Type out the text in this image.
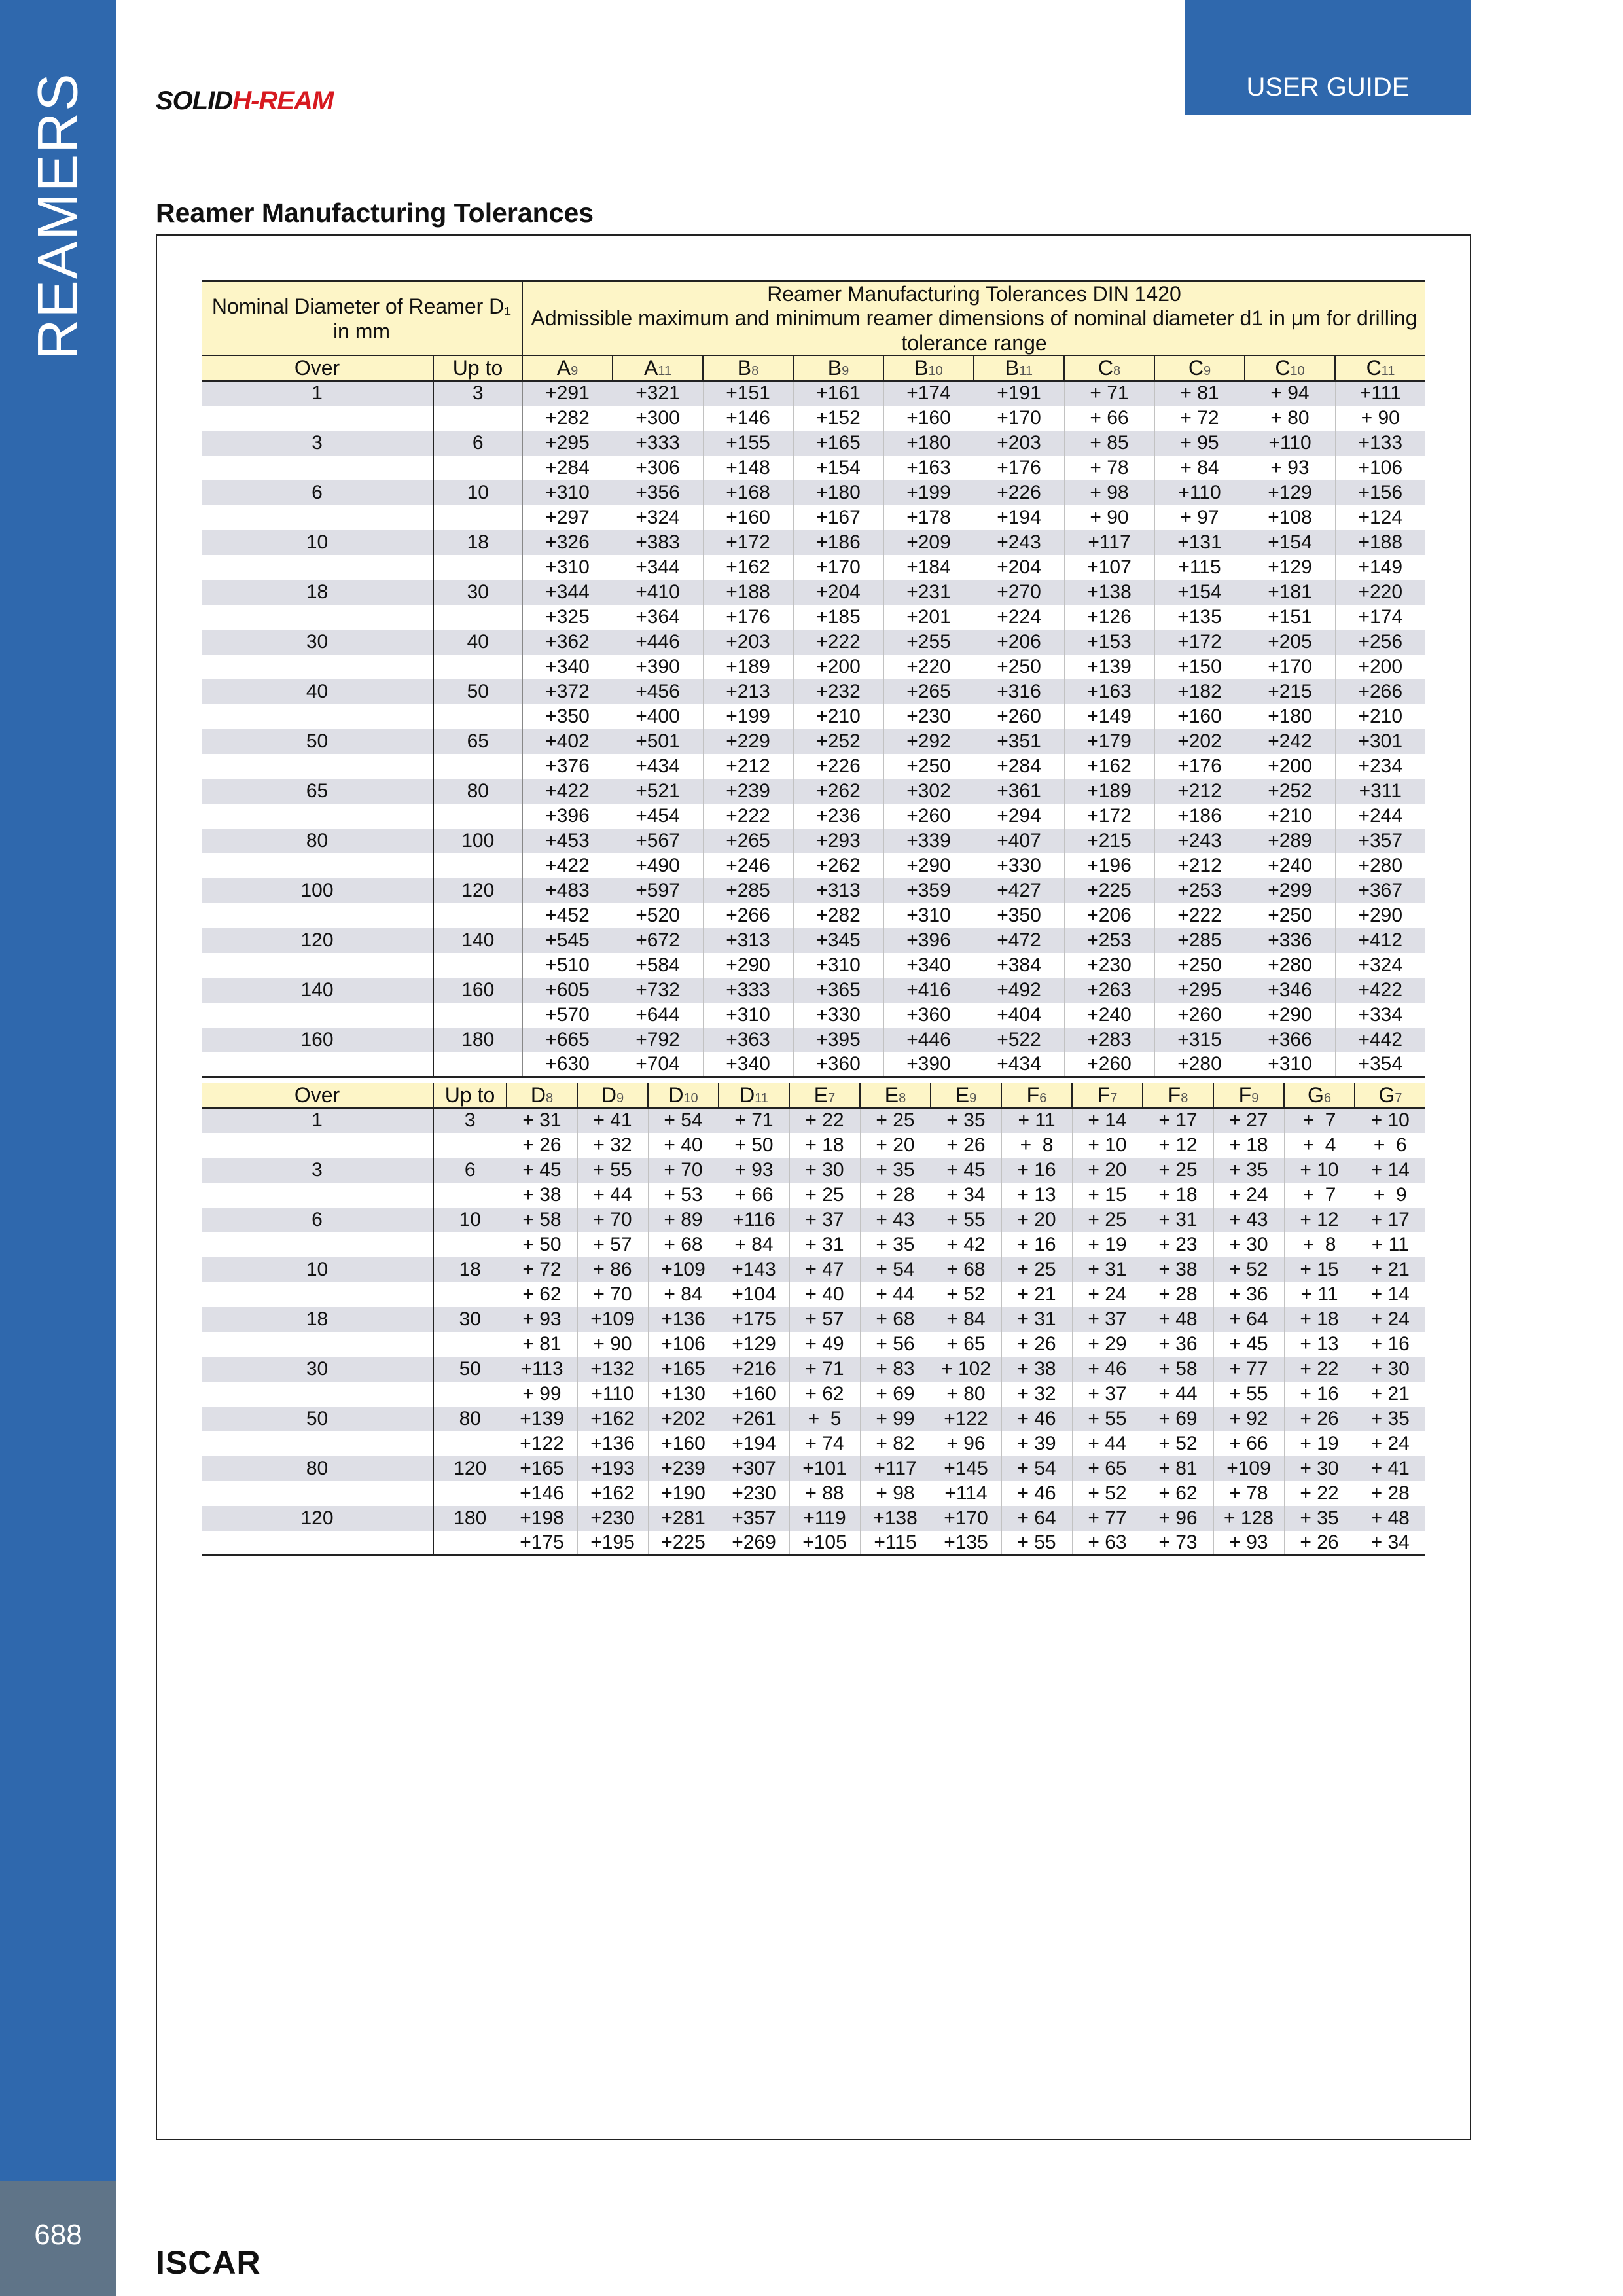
REAMERS
688
USER GUIDE
SOLIDH-REAM
Reamer Manufacturing Tolerances
Nominal Diameter of Reamer D₁ in mm		Reamer Manufacturing Tolerances DIN 1420									
		Admissible maximum and minimum reamer dimensions of nominal diameter d1 in μm for drilling tolerance range									

Over	Up to	A9	A11	B8	B9	B10	B11	C8	C9	C10	C11
1	3	+291	+321	+151	+161	+174	+191	+ 71	+ 81	+ 94	+111
		+282	+300	+146	+152	+160	+170	+ 66	+ 72	+ 80	+ 90
3	6	+295	+333	+155	+165	+180	+203	+ 85	+ 95	+110	+133
		+284	+306	+148	+154	+163	+176	+ 78	+ 84	+ 93	+106
6	10	+310	+356	+168	+180	+199	+226	+ 98	+110	+129	+156
		+297	+324	+160	+167	+178	+194	+ 90	+ 97	+108	+124
10	18	+326	+383	+172	+186	+209	+243	+117	+131	+154	+188
		+310	+344	+162	+170	+184	+204	+107	+115	+129	+149
18	30	+344	+410	+188	+204	+231	+270	+138	+154	+181	+220
		+325	+364	+176	+185	+201	+224	+126	+135	+151	+174
30	40	+362	+446	+203	+222	+255	+206	+153	+172	+205	+256
		+340	+390	+189	+200	+220	+250	+139	+150	+170	+200
40	50	+372	+456	+213	+232	+265	+316	+163	+182	+215	+266
		+350	+400	+199	+210	+230	+260	+149	+160	+180	+210
50	65	+402	+501	+229	+252	+292	+351	+179	+202	+242	+301
		+376	+434	+212	+226	+250	+284	+162	+176	+200	+234
65	80	+422	+521	+239	+262	+302	+361	+189	+212	+252	+311
		+396	+454	+222	+236	+260	+294	+172	+186	+210	+244
80	100	+453	+567	+265	+293	+339	+407	+215	+243	+289	+357
		+422	+490	+246	+262	+290	+330	+196	+212	+240	+280
100	120	+483	+597	+285	+313	+359	+427	+225	+253	+299	+367
		+452	+520	+266	+282	+310	+350	+206	+222	+250	+290
120	140	+545	+672	+313	+345	+396	+472	+253	+285	+336	+412
		+510	+584	+290	+310	+340	+384	+230	+250	+280	+324
140	160	+605	+732	+333	+365	+416	+492	+263	+295	+346	+422
		+570	+644	+310	+330	+360	+404	+240	+260	+290	+334
160	180	+665	+792	+363	+395	+446	+522	+283	+315	+366	+442
		+630	+704	+340	+360	+390	+434	+260	+280	+310	+354
Over	Up to	D8	D9	D10	D11	E7	E8	E9	F6	F7	F8	F9	G6	G7
1	3	+ 31	+ 41	+ 54	+ 71	+ 22	+ 25	+ 35	+ 11	+ 14	+ 17	+ 27	+  7	+ 10
		+ 26	+ 32	+ 40	+ 50	+ 18	+ 20	+ 26	+  8	+ 10	+ 12	+ 18	+  4	+  6
3	6	+ 45	+ 55	+ 70	+ 93	+ 30	+ 35	+ 45	+ 16	+ 20	+ 25	+ 35	+ 10	+ 14
		+ 38	+ 44	+ 53	+ 66	+ 25	+ 28	+ 34	+ 13	+ 15	+ 18	+ 24	+  7	+  9
6	10	+ 58	+ 70	+ 89	+116	+ 37	+ 43	+ 55	+ 20	+ 25	+ 31	+ 43	+ 12	+ 17
		+ 50	+ 57	+ 68	+ 84	+ 31	+ 35	+ 42	+ 16	+ 19	+ 23	+ 30	+  8	+ 11
10	18	+ 72	+ 86	+109	+143	+ 47	+ 54	+ 68	+ 25	+ 31	+ 38	+ 52	+ 15	+ 21
		+ 62	+ 70	+ 84	+104	+ 40	+ 44	+ 52	+ 21	+ 24	+ 28	+ 36	+ 11	+ 14
18	30	+ 93	+109	+136	+175	+ 57	+ 68	+ 84	+ 31	+ 37	+ 48	+ 64	+ 18	+ 24
		+ 81	+ 90	+106	+129	+ 49	+ 56	+ 65	+ 26	+ 29	+ 36	+ 45	+ 13	+ 16
30	50	+113	+132	+165	+216	+ 71	+ 83	+ 102	+ 38	+ 46	+ 58	+ 77	+ 22	+ 30
		+ 99	+110	+130	+160	+ 62	+ 69	+ 80	+ 32	+ 37	+ 44	+ 55	+ 16	+ 21
50	80	+139	+162	+202	+261	+  5	+ 99	+122	+ 46	+ 55	+ 69	+ 92	+ 26	+ 35
		+122	+136	+160	+194	+ 74	+ 82	+ 96	+ 39	+ 44	+ 52	+ 66	+ 19	+ 24
80	120	+165	+193	+239	+307	+101	+117	+145	+ 54	+ 65	+ 81	+109	+ 30	+ 41
		+146	+162	+190	+230	+ 88	+ 98	+114	+ 46	+ 52	+ 62	+ 78	+ 22	+ 28
120	180	+198	+230	+281	+357	+119	+138	+170	+ 64	+ 77	+ 96	+ 128	+ 35	+ 48
		+175	+195	+225	+269	+105	+115	+135	+ 55	+ 63	+ 73	+ 93	+ 26	+ 34
ISCAR
